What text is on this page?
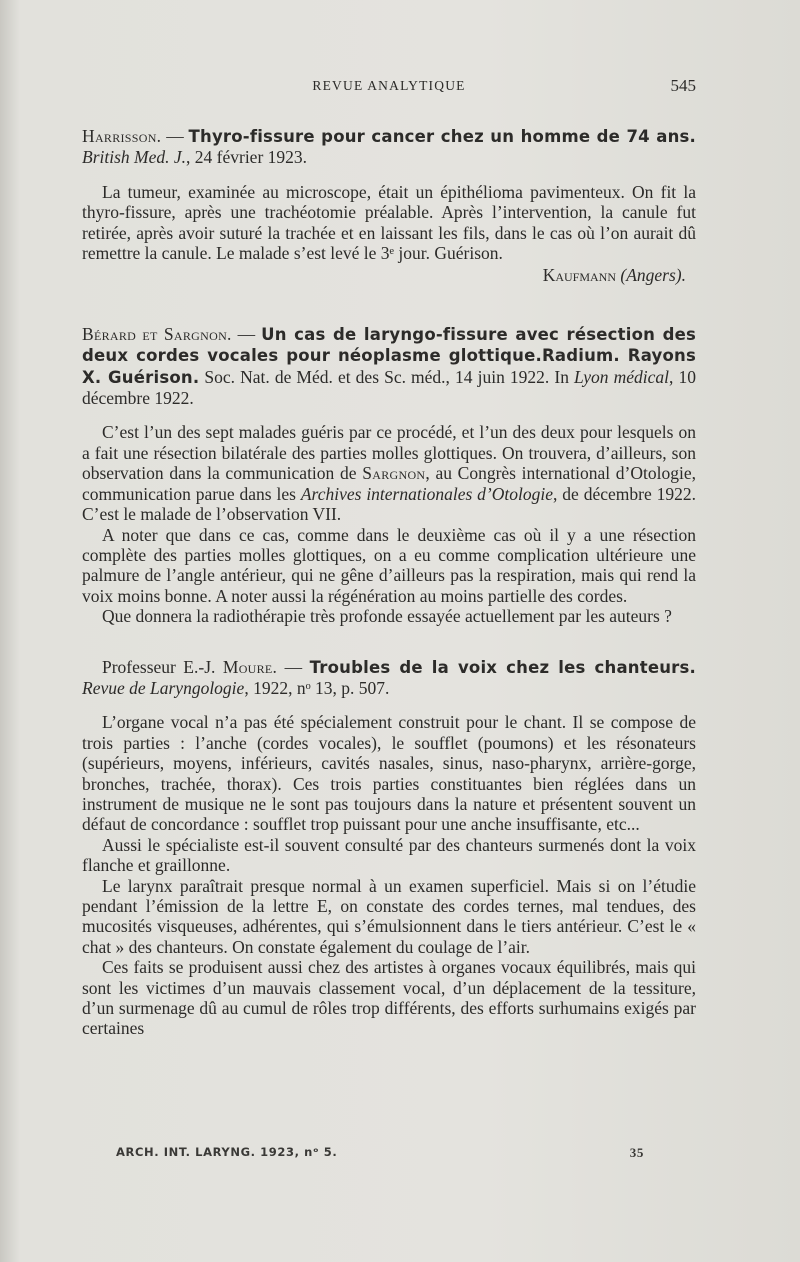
REVUE ANALYTIQUE	545

Harrisson. — Thyro-fissure pour cancer chez un homme de 74 ans. British Med. J., 24 février 1923.

La tumeur, examinée au microscope, était un épithélioma pavimenteux. On fit la thyro-fissure, après une trachéotomie préalable. Après l’intervention, la canule fut retirée, après avoir suturé la trachée et en laissant les fils, dans le cas où l’on aurait dû remettre la canule. Le malade s’est levé le 3ᵉ jour. Guérison.

Kaufmann (Angers).

Bérard et Sargnon. — Un cas de laryngo-fissure avec résection des deux cordes vocales pour néoplasme glottique.Radium. Rayons X. Guérison. Soc. Nat. de Méd. et des Sc. méd., 14 juin 1922. In Lyon médical, 10 décembre 1922.

C’est l’un des sept malades guéris par ce procédé, et l’un des deux pour lesquels on a fait une résection bilatérale des parties molles glottiques. On trouvera, d’ailleurs, son observation dans la communication de Sargnon, au Congrès international d’Otologie, communication parue dans les Archives internationales d’Otologie, de décembre 1922. C’est le malade de l’observation VII.

A noter que dans ce cas, comme dans le deuxième cas où il y a une résection complète des parties molles glottiques, on a eu comme complication ultérieure une palmure de l’angle antérieur, qui ne gêne d’ailleurs pas la respiration, mais qui rend la voix moins bonne. A noter aussi la régénération au moins partielle des cordes.

Que donnera la radiothérapie très profonde essayée actuellement par les auteurs ?

Professeur E.-J. Moure. — Troubles de la voix chez les chanteurs. Revue de Laryngologie, 1922, nᵒ 13, p. 507.

L’organe vocal n’a pas été spécialement construit pour le chant. Il se compose de trois parties : l’anche (cordes vocales), le soufflet (poumons) et les résonateurs (supérieurs, moyens, inférieurs, cavités nasales, sinus, naso-pharynx, arrière-gorge, bronches, trachée, thorax). Ces trois parties constituantes bien réglées dans un instrument de musique ne le sont pas toujours dans la nature et présentent souvent un défaut de concordance : soufflet trop puissant pour une anche insuffisante, etc...

Aussi le spécialiste est-il souvent consulté par des chanteurs surmenés dont la voix flanche et graillonne.

Le larynx paraîtrait presque normal à un examen superficiel. Mais si on l’étudie pendant l’émission de la lettre E, on constate des cordes ternes, mal tendues, des mucosités visqueuses, adhérentes, qui s’émulsionnent dans le tiers antérieur. C’est le « chat » des chanteurs. On constate également du coulage de l’air.

Ces faits se produisent aussi chez des artistes à organes vocaux équilibrés, mais qui sont les victimes d’un mauvais classement vocal, d’un déplacement de la tessiture, d’un surmenage dû au cumul de rôles trop différents, des efforts surhumains exigés par certaines

ARCH. INT. LARYNG. 1923, nᵒ 5.	35
